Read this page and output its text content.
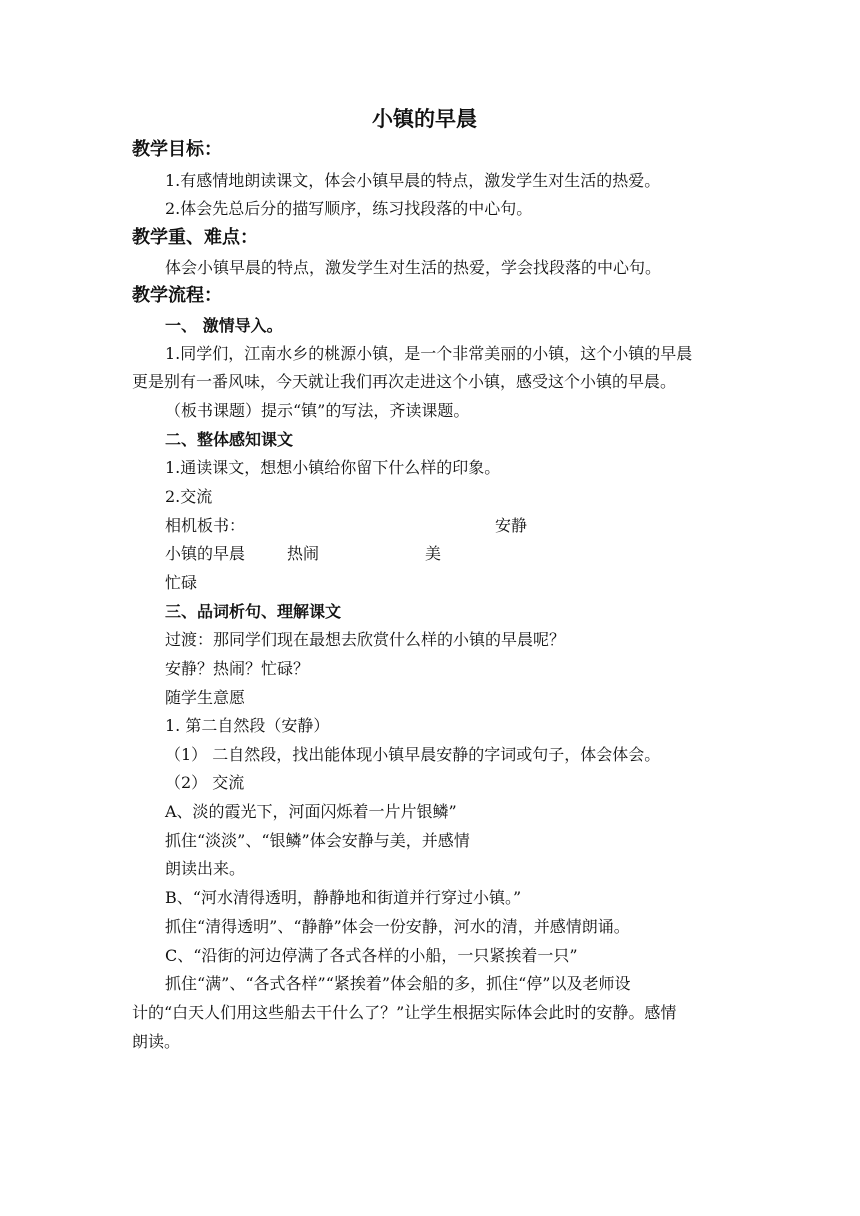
小镇的早晨
教学目标：
1.有感情地朗读课文，体会小镇早晨的特点，激发学生对生活的热爱。
2.体会先总后分的描写顺序，练习找段落的中心句。
教学重、难点：
体会小镇早晨的特点，激发学生对生活的热爱，学会找段落的中心句。
教学流程：
一、 激情导入。
1.同学们，江南水乡的桃源小镇，是一个非常美丽的小镇，这个小镇的早晨
更是别有一番风味，今天就让我们再次走进这个小镇，感受这个小镇的早晨。
（板书课题）提示“镇”的写法，齐读课题。
二、整体感知课文
1.通读课文，想想小镇给你留下什么样的印象。
2.交流
相机板书：	安静
小镇的早晨	热闹	美
忙碌
三、品词析句、理解课文
过渡：那同学们现在最想去欣赏什么样的小镇的早晨呢？
安静？热闹？忙碌？
随学生意愿
1. 第二自然段（安静）
（1） 二自然段，找出能体现小镇早晨安静的字词或句子，体会体会。
（2） 交流
A、淡的霞光下，河面闪烁着一片片银鳞”
抓住“淡淡”、“银鳞”体会安静与美，并感情
朗读出来。
B、“河水清得透明，静静地和街道并行穿过小镇。”
抓住“清得透明”、“静静”体会一份安静，河水的清，并感情朗诵。
C、“沿街的河边停满了各式各样的小船，一只紧挨着一只”
抓住“满”、“各式各样”“紧挨着”体会船的多，抓住“停”以及老师设
计的“白天人们用这些船去干什么了？”让学生根据实际体会此时的安静。感情
朗读。
